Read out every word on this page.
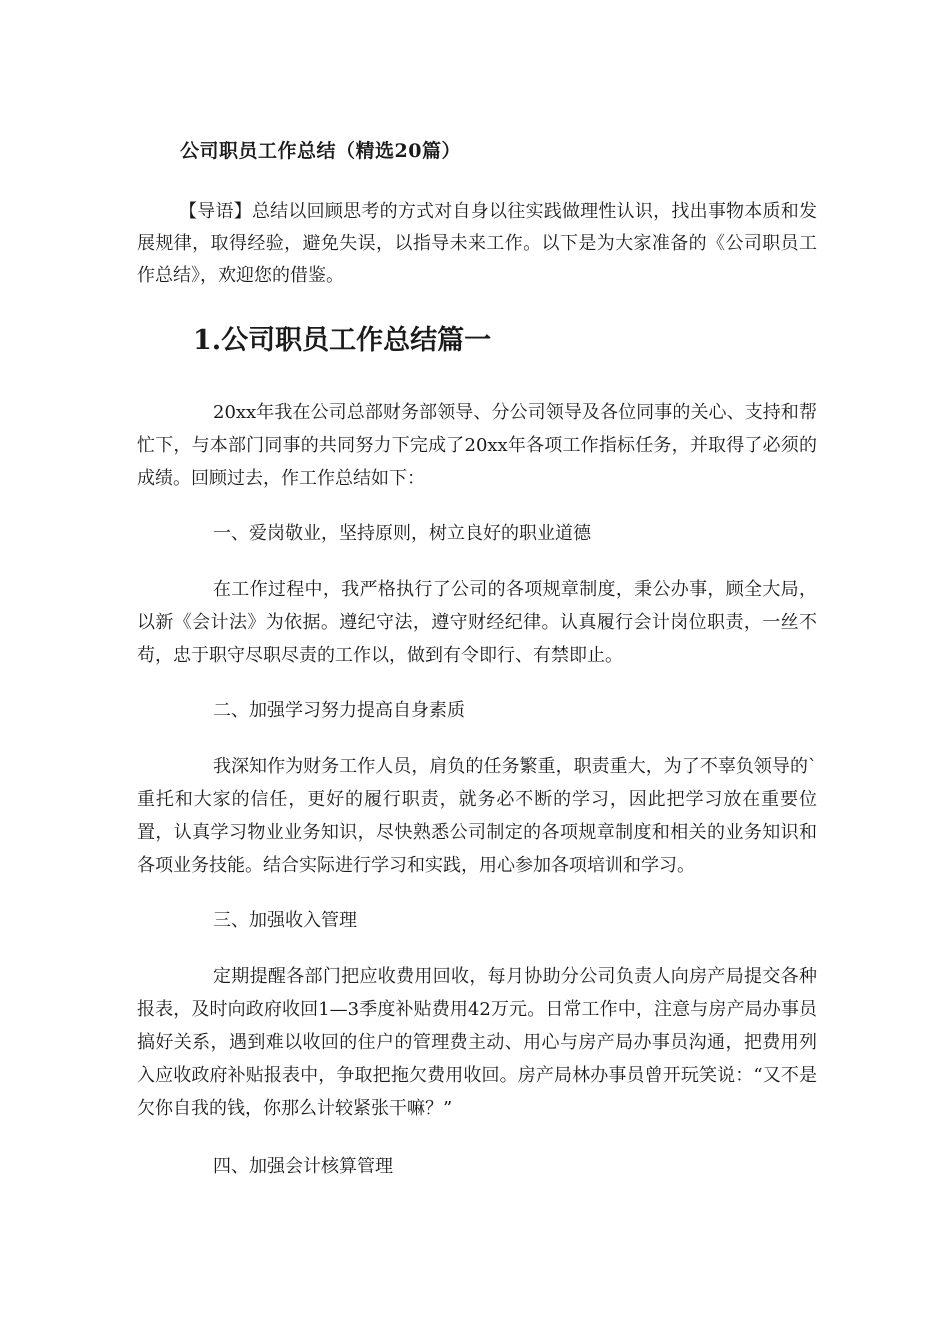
公司职员工作总结（精选20篇）

【导语】总结以回顾思考的方式对自身以往实践做理性认识，找出事物本质和发展规律，取得经验，避免失误，以指导未来工作。以下是为大家准备的《公司职员工作总结》，欢迎您的借鉴。

1.公司职员工作总结篇一

20xx年我在公司总部财务部领导、分公司领导及各位同事的关心、支持和帮忙下，与本部门同事的共同努力下完成了20xx年各项工作指标任务，并取得了必须的成绩。回顾过去，作工作总结如下：

一、爱岗敬业，坚持原则，树立良好的职业道德

在工作过程中，我严格执行了公司的各项规章制度，秉公办事，顾全大局，以新《会计法》为依据。遵纪守法，遵守财经纪律。认真履行会计岗位职责，一丝不苟，忠于职守尽职尽责的工作以，做到有令即行、有禁即止。

二、加强学习努力提高自身素质

我深知作为财务工作人员，肩负的任务繁重，职责重大，为了不辜负领导的`重托和大家的信任，更好的履行职责，就务必不断的学习，因此把学习放在重要位置，认真学习物业业务知识，尽快熟悉公司制定的各项规章制度和相关的业务知识和各项业务技能。结合实际进行学习和实践，用心参加各项培训和学习。

三、加强收入管理

定期提醒各部门把应收费用回收，每月协助分公司负责人向房产局提交各种报表，及时向政府收回1—3季度补贴费用42万元。日常工作中，注意与房产局办事员搞好关系，遇到难以收回的住户的管理费主动、用心与房产局办事员沟通，把费用列入应收政府补贴报表中，争取把拖欠费用收回。房产局林办事员曾开玩笑说：“又不是欠你自我的钱，你那么计较紧张干嘛？”

四、加强会计核算管理
